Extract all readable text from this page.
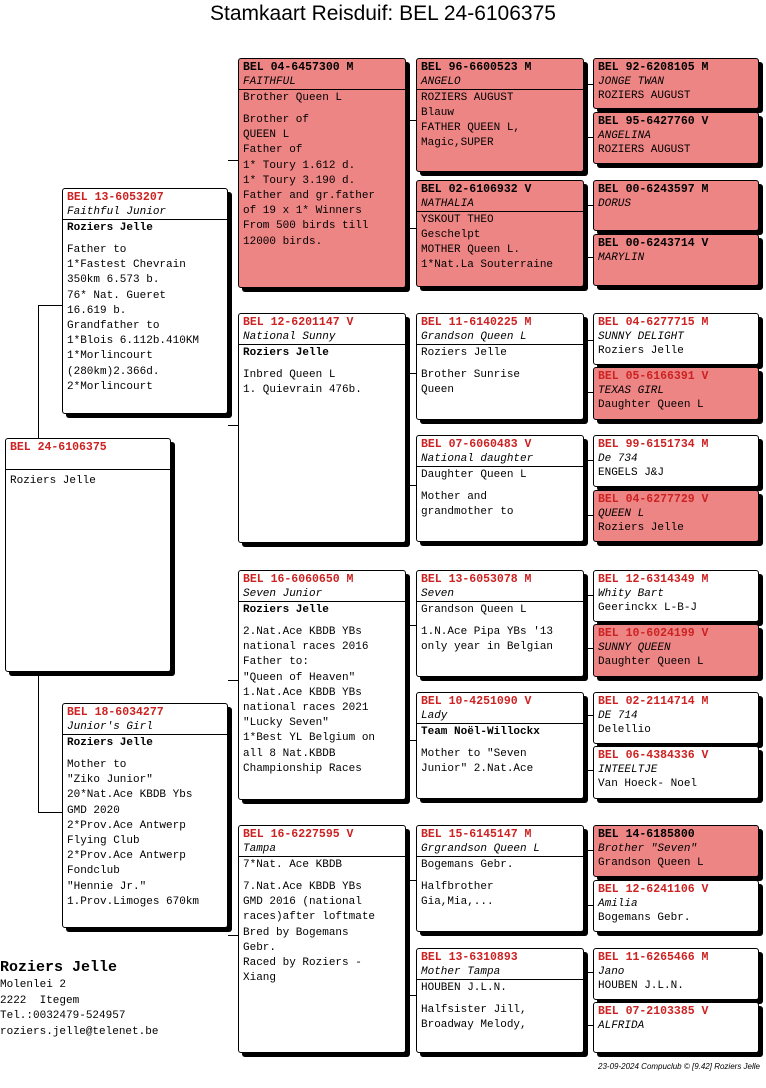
Stamkaart Reisduif: BEL 24-6106375
BEL 24-6106375
Roziers Jelle
BEL 13-6053207
Faithful Junior
Roziers Jelle
Father to
1*Fastest Chevrain
350km 6.573 b.
76* Nat. Gueret
16.619 b.
Grandfather to
1*Blois 6.112b.410KM
1*Morlincourt
(280km)2.366d.
2*Morlincourt
BEL 18-6034277
Junior's Girl
Roziers Jelle
Mother to
"Ziko Junior"
20*Nat.Ace KBDB Ybs
GMD 2020
2*Prov.Ace Antwerp
Flying Club
2*Prov.Ace Antwerp
Fondclub
"Hennie Jr."
1.Prov.Limoges 670km
BEL 04-6457300 M
FAITHFUL
Brother Queen L
Brother of
QUEEN L
Father of
1* Toury 1.612 d.
1* Toury 3.190 d.
Father and gr.father
of 19 x 1* Winners
From 500 birds till
12000 birds.
BEL 12-6201147 V
National Sunny
Roziers Jelle
Inbred Queen L
1. Quievrain 476b.
BEL 16-6060650 M
Seven Junior
Roziers Jelle
2.Nat.Ace KBDB YBs
national races 2016
Father to:
"Queen of Heaven"
1.Nat.Ace KBDB YBs
national races 2021
"Lucky Seven"
1*Best YL Belgium on
all 8 Nat.KBDB
Championship Races
BEL 16-6227595 V
Tampa
7*Nat. Ace KBDB
7.Nat.Ace KBDB YBs
GMD 2016 (national
races)after loftmate
Bred by Bogemans
Gebr.
Raced by Roziers -
Xiang
BEL 96-6600523 M
ANGELO
ROZIERS AUGUST
Blauw
FATHER QUEEN L,
Magic,SUPER
BEL 02-6106932 V
NATHALIA
YSKOUT THEO
Geschelpt
MOTHER Queen L.
1*Nat.La Souterraine
BEL 11-6140225 M
Grandson Queen L
Roziers Jelle
Brother Sunrise
Queen
BEL 07-6060483 V
National daughter
Daughter Queen L
Mother and
grandmother to
BEL 13-6053078 M
Seven
Grandson Queen L
1.N.Ace Pipa YBs '13
only year in Belgian
BEL 10-4251090 V
Lady
Team Noël-Willockx
Mother to "Seven
Junior" 2.Nat.Ace
BEL 15-6145147 M
Grgrandson Queen L
Bogemans Gebr.
Halfbrother
Gia,Mia,...
BEL 13-6310893
Mother Tampa
HOUBEN J.L.N.
Halfsister Jill,
Broadway Melody,
BEL 92-6208105 M
JONGE TWAN
ROZIERS AUGUST
BEL 95-6427760 V
ANGELINA
ROZIERS AUGUST
BEL 00-6243597 M
DORUS
BEL 00-6243714 V
MARYLIN
BEL 04-6277715 M
SUNNY DELIGHT
Roziers Jelle
BEL 05-6166391 V
TEXAS GIRL
Daughter Queen L
BEL 99-6151734 M
De 734
ENGELS J&J
BEL 04-6277729 V
QUEEN L
Roziers Jelle
BEL 12-6314349 M
Whity Bart
Geerinckx L-B-J
BEL 10-6024199 V
SUNNY QUEEN
Daughter Queen L
BEL 02-2114714 M
DE 714
Delellio
BEL 06-4384336 V
INTEELTJE
Van Hoeck- Noel
BEL 14-6185800
Brother "Seven"
Grandson Queen L
BEL 12-6241106 V
Amilia
Bogemans Gebr.
BEL 11-6265466 M
Jano
HOUBEN J.L.N.
BEL 07-2103385 V
ALFRIDA
Roziers Jelle
Molenlei 2
2222  Itegem
Tel.:0032479-524957
roziers.jelle@telenet.be
23-09-2024 Compuclub © [9.42] Roziers Jelle
